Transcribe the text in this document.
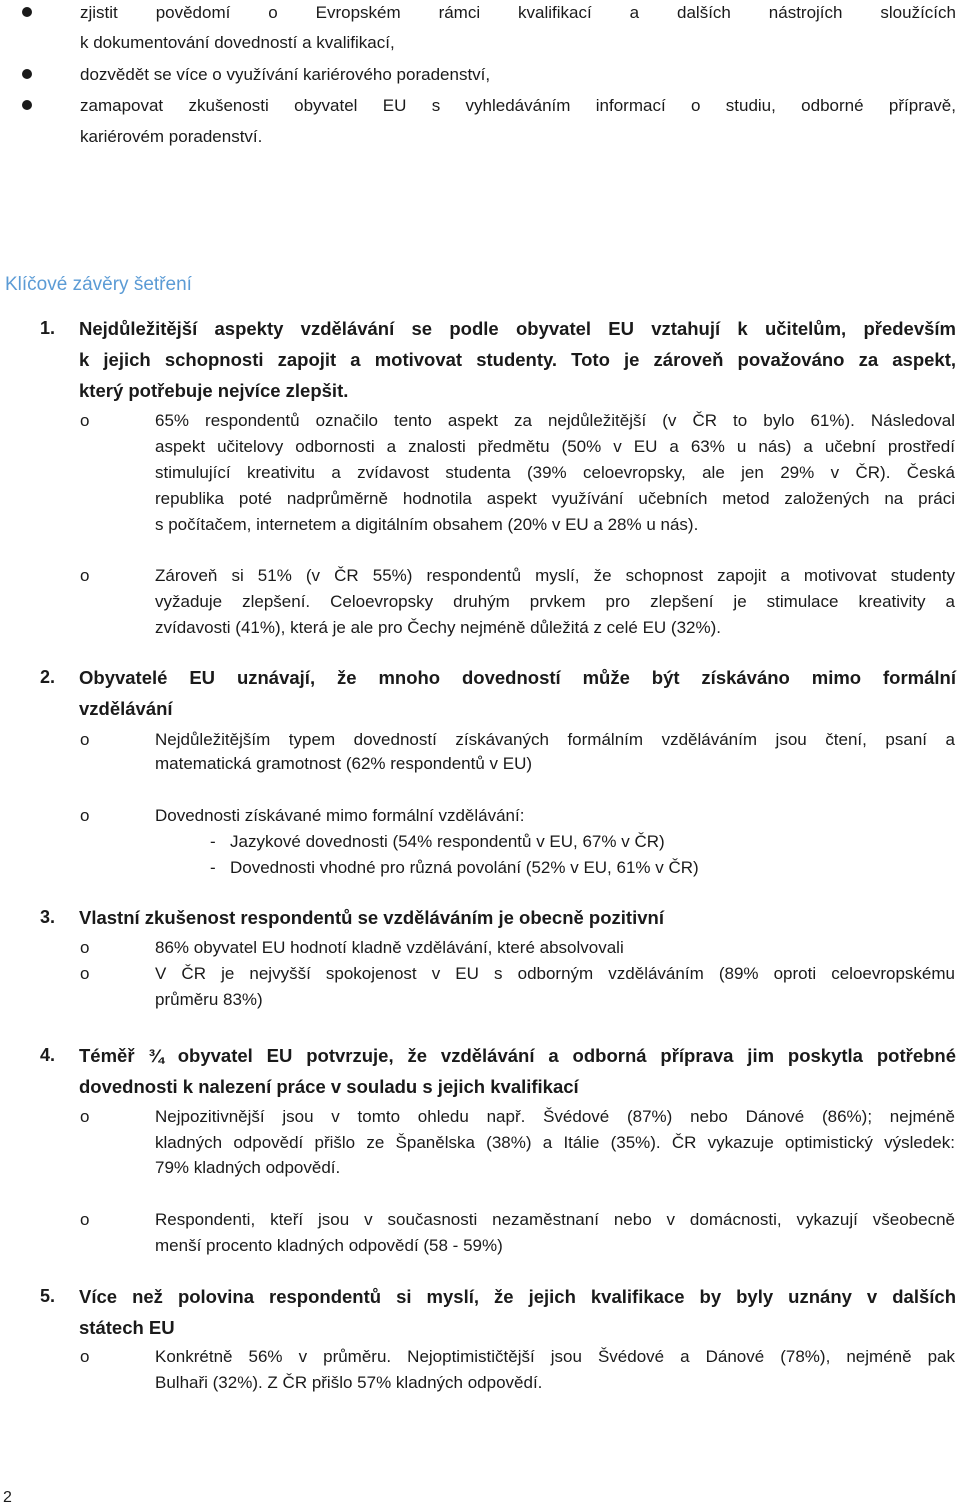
zjistit povědomí o Evropském rámci kvalifikací a dalších nástrojích sloužících
k dokumentování dovedností a kvalifikací,
dozvědět se více o využívání kariérového poradenství,
zamapovat zkušenosti obyvatel EU s vyhledáváním informací o studiu, odborné přípravě,
kariérovém poradenství.
Klíčové závěry šetření
1.	Nejdůležitější aspekty vzdělávání se podle obyvatel EU vztahují k učitelům, především
k jejich schopnosti zapojit a motivovat studenty. Toto je zároveň považováno za aspekt,
který potřebuje nejvíce zlepšit.
o	65% respondentů označilo tento aspekt za nejdůležitější (v ČR to bylo 61%). Následoval
aspekt učitelovy odbornosti a znalosti předmětu (50% v EU a 63% u nás) a učební prostředí
stimulující kreativitu a zvídavost studenta (39% celoevropsky, ale jen 29% v ČR). Česká
republika poté nadprůměrně hodnotila aspekt využívání učebních metod založených na práci
s počítačem, internetem a digitálním obsahem (20% v EU a 28% u nás).
o	Zároveň si 51% (v ČR 55%) respondentů myslí, že schopnost zapojit a motivovat studenty
vyžaduje zlepšení. Celoevropsky druhým prvkem pro zlepšení je stimulace kreativity a
zvídavosti (41%), která je ale pro Čechy nejméně důležitá z celé EU (32%).
2.	Obyvatelé EU uznávají, že mnoho dovedností může být získáváno mimo formální
vzdělávání
o	Nejdůležitějším typem dovedností získávaných formálním vzděláváním jsou čtení, psaní a
matematická gramotnost (62% respondentů v EU)
o	Dovednosti získávané mimo formální vzdělávání:
- Jazykové dovednosti (54% respondentů v EU, 67% v ČR)
- Dovednosti vhodné pro různá povolání (52% v EU, 61% v ČR)
3.	Vlastní zkušenost respondentů se vzděláváním je obecně pozitivní
o	86% obyvatel EU hodnotí kladně vzdělávání, které absolvovali
o	V ČR je nejvyšší spokojenost v EU s odborným vzděláváním (89% oproti celoevropskému
průměru 83%)
4.	Téměř ¾ obyvatel EU potvrzuje, že vzdělávání a odborná příprava jim poskytla potřebné
dovednosti k nalezení práce v souladu s jejich kvalifikací
o	Nejpozitivnější jsou v tomto ohledu např. Švédové (87%) nebo Dánové (86%); nejméně
kladných odpovědí přišlo ze Španělska (38%) a Itálie (35%). ČR vykazuje optimistický výsledek:
79% kladných odpovědí.
o	Respondenti, kteří jsou v současnosti nezaměstnaní nebo v domácnosti, vykazují všeobecně
menší procento kladných odpovědí (58 - 59%)
5.	Více než polovina respondentů si myslí, že jejich kvalifikace by byly uznány v dalších
státech EU
o	Konkrétně 56% v průměru. Nejoptimističtější jsou Švédové a Dánové (78%), nejméně pak
Bulhaři (32%). Z ČR přišlo 57% kladných odpovědí.
2
